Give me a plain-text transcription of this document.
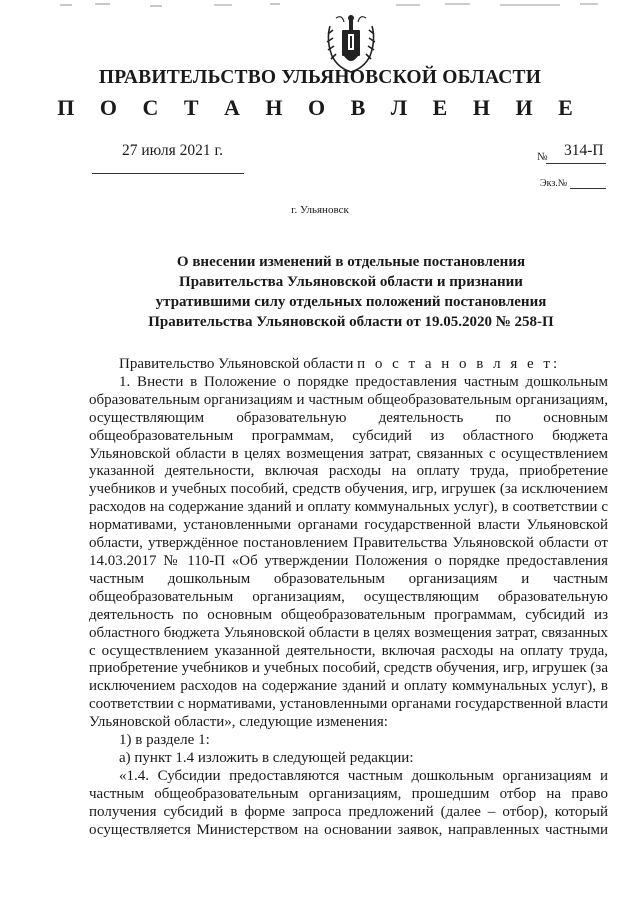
ПРАВИТЕЛЬСТВО УЛЬЯНОВСКОЙ ОБЛАСТИ
П О С Т А Н О В Л Е Н И Е
27 июля 2021 г.	№ 314-П
Экз.№
г. Ульяновск
О внесении изменений в отдельные постановления
Правительства Ульяновской области и признании
утратившими силу отдельных положений постановления
Правительства Ульяновской области от 19.05.2020 № 258-П
Правительство Ульяновской области п о с т а н о в л я е т:
1. Внести в Положение о порядке предоставления частным дошкольным образовательным организациям и частным общеобразовательным организациям, осуществляющим образовательную деятельность по основным общеобразовательным программам, субсидий из областного бюджета Ульяновской области в целях возмещения затрат, связанных с осуществлением указанной деятельности, включая расходы на оплату труда, приобретение учебников и учебных пособий, средств обучения, игр, игрушек (за исключением расходов на содержание зданий и оплату коммунальных услуг), в соответствии с нормативами, установленными органами государственной власти Ульяновской области, утверждённое постановлением Правительства Ульяновской области от 14.03.2017 № 110-П «Об утверждении Положения о порядке предоставления частным дошкольным образовательным организациям и частным общеобразовательным организациям, осуществляющим образовательную деятельность по основным общеобразовательным программам, субсидий из областного бюджета Ульяновской области в целях возмещения затрат, связанных с осуществлением указанной деятельности, включая расходы на оплату труда, приобретение учебников и учебных пособий, средств обучения, игр, игрушек (за исключением расходов на содержание зданий и оплату коммунальных услуг), в соответствии с нормативами, установленными органами государственной власти Ульяновской области», следующие изменения:
1) в разделе 1:
а) пункт 1.4 изложить в следующей редакции:
«1.4. Субсидии предоставляются частным дошкольным организациям и частным общеобразовательным организациям, прошедшим отбор на право получения субсидий в форме запроса предложений (далее – отбор), который осуществляется Министерством на основании заявок, направленных частными
